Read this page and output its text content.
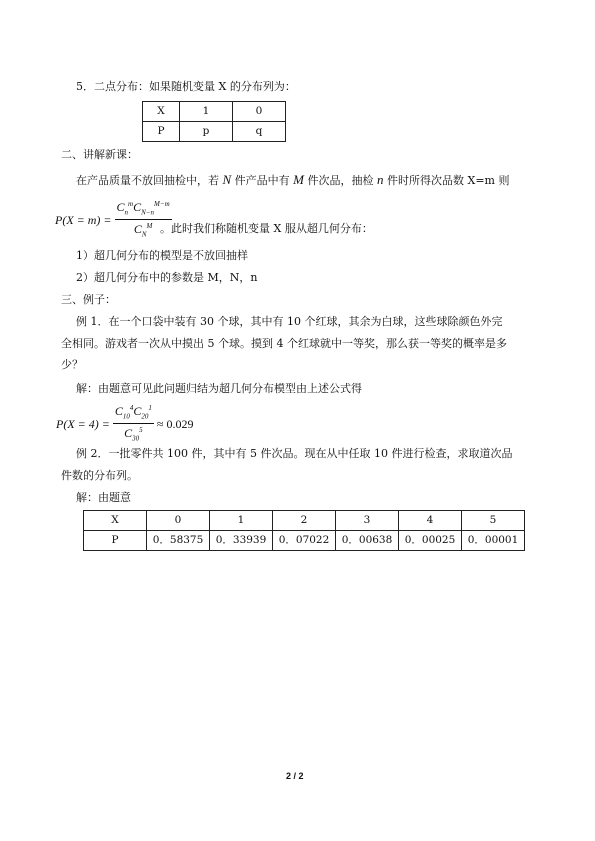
5．二点分布：如果随机变量 X 的分布列为：
X	1	0
P	p	q
二、讲解新课：
在产品质量不放回抽检中，若 N 件产品中有 M 件次品，抽检 n 件时所得次品数 X=m 则
$P(X = m) = \frac{C_n^mC_{N-n}^{M-m}}{C_N^M}$
。此时我们称随机变量 X 服从超几何分布：
1）超几何分布的模型是不放回抽样
2）超几何分布中的参数是 M，N，n
三、例子：
例 1．在一个口袋中装有 30 个球，其中有 10 个红球，其余为白球，这些球除颜色外完
全相同。游戏者一次从中摸出 5 个球。摸到 4 个红球就中一等奖，那么获一等奖的概率是多
少？
解：由题意可见此问题归结为超几何分布模型由上述公式得
$P(X = 4) = \frac{C_{10}^4C_{20}^1}{C_{30}^5} \approx 0.029$
例 2．一批零件共 100 件，其中有 5 件次品。现在从中任取 10 件进行检查，求取道次品
件数的分布列。
解：由题意
X	0	1	2	3	4	5
P	0．58375	0．33939	0．07022	0．00638	0．00025	0．00001
2 / 2
